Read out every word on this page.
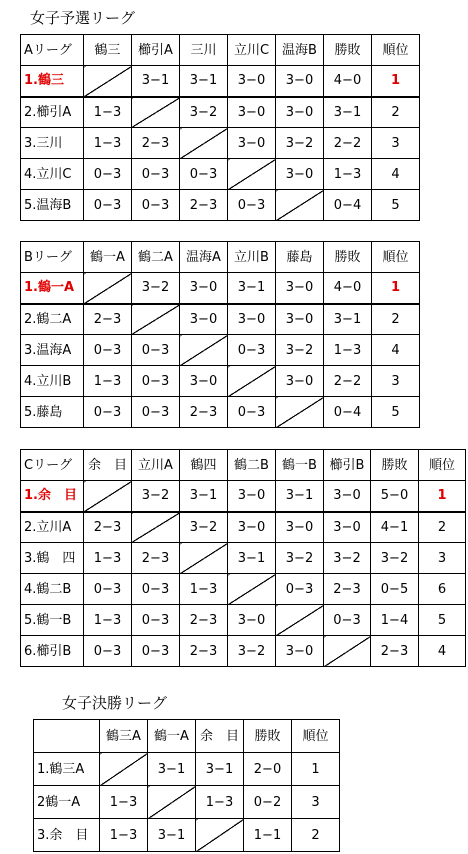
女子予選リーグ
Aリーグ	鶴三	櫛引A	三川	立川C	温海B	勝敗	順位
1.鶴三		3−1	3−1	3−0	3−0	4−0	1
2.櫛引A	1−3		3−2	3−0	3−0	3−1	2
3.三川	1−3	2−3		3−0	3−2	2−2	3
4.立川C	0−3	0−3	0−3		3−0	1−3	4
5.温海B	0−3	0−3	2−3	0−3		0−4	5
Bリーグ	鶴一A	鶴二A	温海A	立川B	藤島	勝敗	順位
1.鶴一A		3−2	3−0	3−1	3−0	4−0	1
2.鶴二A	2−3		3−0	3−0	3−0	3−1	2
3.温海A	0−3	0−3		0−3	3−2	1−3	4
4.立川B	1−3	0−3	3−0		3−0	2−2	3
5.藤島	0−3	0−3	2−3	0−3		0−4	5
Cリーグ	余　目	立川A	鶴四	鶴二B	鶴一B	櫛引B	勝敗	順位
1.余　目		3−2	3−1	3−0	3−1	3−0	5−0	1
2.立川A	2−3		3−2	3−0	3−0	3−0	4−1	2
3.鶴　四	1−3	2−3		3−1	3−2	3−2	3−2	3
4.鶴二B	0−3	0−3	1−3		0−3	2−3	0−5	6
5.鶴一B	1−3	0−3	2−3	3−0		0−3	1−4	5
6.櫛引B	0−3	0−3	2−3	3−2	3−0		2−3	4
女子決勝リーグ
	鶴三A	鶴一A	余　目	勝敗	順位
1.鶴三A		3−1	3−1	2−0	1
2鶴一A	1−3		1−3	0−2	3
3.余　目	1−3	3−1		1−1	2
